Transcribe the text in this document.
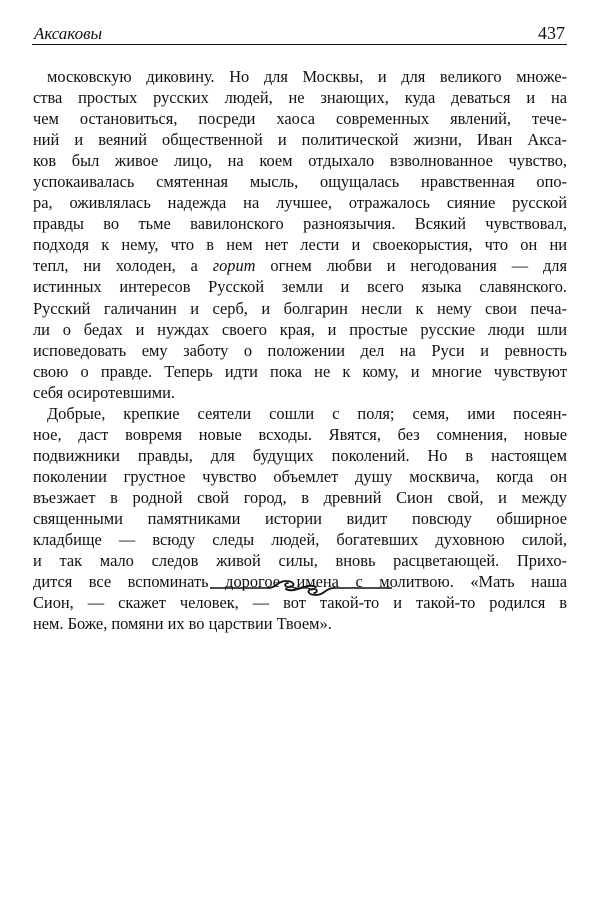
Аксаковы	437
московскую диковину. Но для Москвы, и для великого множе-
ства простых русских людей, не знающих, куда деваться и на
чем остановиться, посреди хаоса современных явлений, тече-
ний и веяний общественной и политической жизни, Иван Акса-
ков был живое лицо, на коем отдыхало взволнованное чувство,
успокаивалась смятенная мысль, ощущалась нравственная опо-
ра, оживлялась надежда на лучшее, отражалось сияние русской
правды во тьме вавилонского разноязычия. Всякий чувствовал,
подходя к нему, что в нем нет лести и своекорыстия, что он ни
тепл, ни холоден, а горит огнем любви и негодования — для
истинных интересов Русской земли и всего языка славянского.
Русский галичанин и серб, и болгарин несли к нему свои печа-
ли о бедах и нуждах своего края, и простые русские люди шли
исповедовать ему заботу о положении дел на Руси и ревность
свою о правде. Теперь идти пока не к кому, и многие чувствуют
себя осиротевшими.
Добрые, крепкие сеятели сошли с поля; семя, ими посеян-
ное, даст вовремя новые всходы. Явятся, без сомнения, новые
подвижники правды, для будущих поколений. Но в настоящем
поколении грустное чувство объемлет душу москвича, когда он
въезжает в родной свой город, в древний Сион свой, и между
священными памятниками истории видит повсюду обширное
кладбище — всюду следы людей, богатевших духовною силой,
и так мало следов живой силы, вновь расцветающей. Прихо-
дится все вспоминать дорогое имена с молитвою. «Мать наша
Сион, — скажет человек, — вот такой-то и такой-то родился в
нем. Боже, помяни их во царствии Твоем».
